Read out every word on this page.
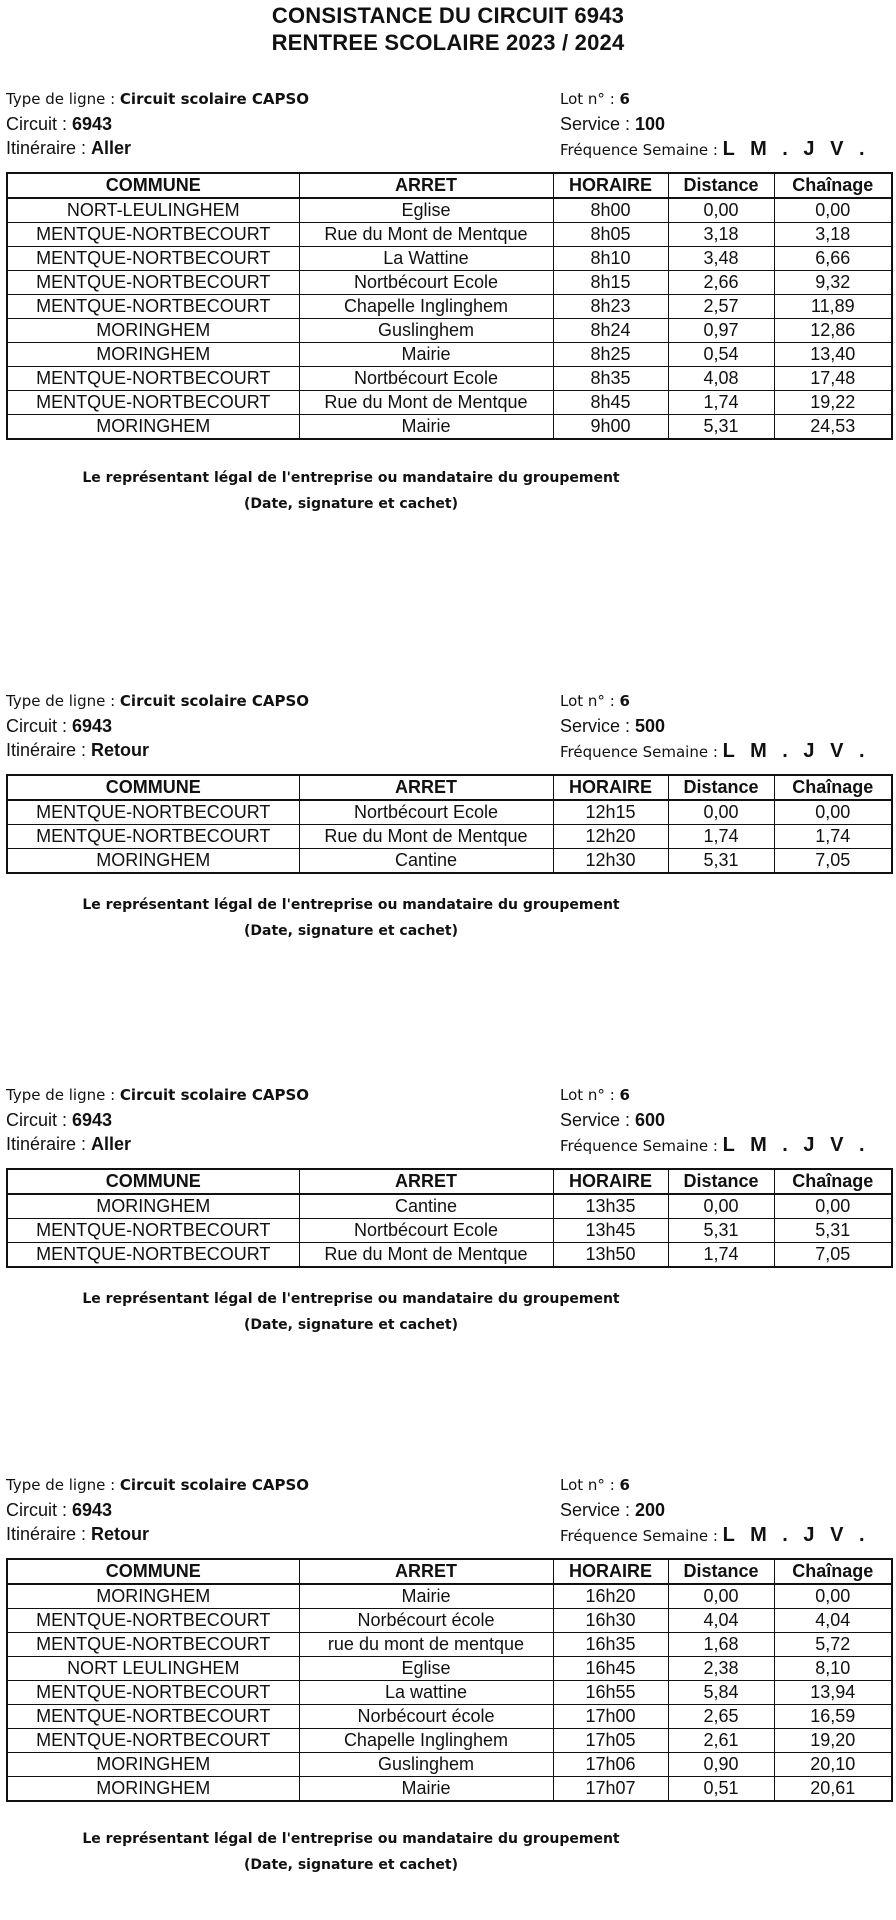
CONSISTANCE DU CIRCUIT 6943
RENTREE SCOLAIRE 2023 / 2024
Type de ligne : Circuit scolaire CAPSO	Lot n° : 6
Circuit : 6943	Service : 100
Itinéraire : Aller	Fréquence Semaine : L M . J V .
COMMUNE	ARRET	HORAIRE	Distance	Chaînage
NORT-LEULINGHEM	Eglise	8h00	0,00	0,00
MENTQUE-NORTBECOURT	Rue du Mont de Mentque	8h05	3,18	3,18
MENTQUE-NORTBECOURT	La Wattine	8h10	3,48	6,66
MENTQUE-NORTBECOURT	Nortbécourt Ecole	8h15	2,66	9,32
MENTQUE-NORTBECOURT	Chapelle Inglinghem	8h23	2,57	11,89
MORINGHEM	Guslinghem	8h24	0,97	12,86
MORINGHEM	Mairie	8h25	0,54	13,40
MENTQUE-NORTBECOURT	Nortbécourt Ecole	8h35	4,08	17,48
MENTQUE-NORTBECOURT	Rue du Mont de Mentque	8h45	1,74	19,22
MORINGHEM	Mairie	9h00	5,31	24,53
Le représentant légal de l'entreprise ou mandataire du groupement
(Date, signature et cachet)
Type de ligne : Circuit scolaire CAPSO	Lot n° : 6
Circuit : 6943	Service : 500
Itinéraire : Retour	Fréquence Semaine : L M . J V .
COMMUNE	ARRET	HORAIRE	Distance	Chaînage
MENTQUE-NORTBECOURT	Nortbécourt Ecole	12h15	0,00	0,00
MENTQUE-NORTBECOURT	Rue du Mont de Mentque	12h20	1,74	1,74
MORINGHEM	Cantine	12h30	5,31	7,05
Le représentant légal de l'entreprise ou mandataire du groupement
(Date, signature et cachet)
Type de ligne : Circuit scolaire CAPSO	Lot n° : 6
Circuit : 6943	Service : 600
Itinéraire : Aller	Fréquence Semaine : L M . J V .
COMMUNE	ARRET	HORAIRE	Distance	Chaînage
MORINGHEM	Cantine	13h35	0,00	0,00
MENTQUE-NORTBECOURT	Nortbécourt Ecole	13h45	5,31	5,31
MENTQUE-NORTBECOURT	Rue du Mont de Mentque	13h50	1,74	7,05
Le représentant légal de l'entreprise ou mandataire du groupement
(Date, signature et cachet)
Type de ligne : Circuit scolaire CAPSO	Lot n° : 6
Circuit : 6943	Service : 200
Itinéraire : Retour	Fréquence Semaine : L M . J V .
COMMUNE	ARRET	HORAIRE	Distance	Chaînage
MORINGHEM	Mairie	16h20	0,00	0,00
MENTQUE-NORTBECOURT	Norbécourt école	16h30	4,04	4,04
MENTQUE-NORTBECOURT	rue du mont de mentque	16h35	1,68	5,72
NORT LEULINGHEM	Eglise	16h45	2,38	8,10
MENTQUE-NORTBECOURT	La wattine	16h55	5,84	13,94
MENTQUE-NORTBECOURT	Norbécourt école	17h00	2,65	16,59
MENTQUE-NORTBECOURT	Chapelle Inglinghem	17h05	2,61	19,20
MORINGHEM	Guslinghem	17h06	0,90	20,10
MORINGHEM	Mairie	17h07	0,51	20,61
Le représentant légal de l'entreprise ou mandataire du groupement
(Date, signature et cachet)
